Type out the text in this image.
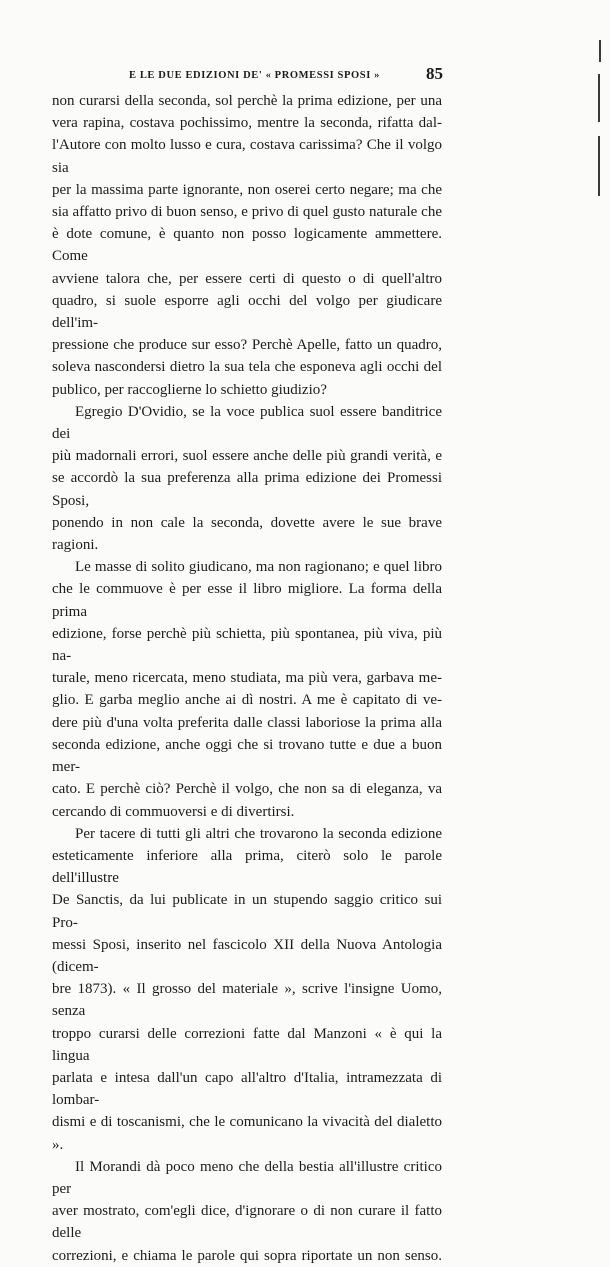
E LE DUE EDIZIONI DE' « PROMESSI SPOSI »	85

non curarsi della seconda, sol perchè la prima edizione, per una

vera rapina, costava pochissimo, mentre la seconda, rifatta dal-

l'Autore con molto lusso e cura, costava carissima? Che il volgo sia

per la massima parte ignorante, non oserei certo negare; ma che

sia affatto privo di buon senso, e privo di quel gusto naturale che

è dote comune, è quanto non posso logicamente ammettere. Come

avviene talora che, per essere certi di questo o di quell'altro

quadro, si suole esporre agli occhi del volgo per giudicare dell'im-

pressione che produce sur esso? Perchè Apelle, fatto un quadro,

soleva nascondersi dietro la sua tela che esponeva agli occhi del

publico, per raccoglierne lo schietto giudizio?

Egregio D'Ovidio, se la voce publica suol essere banditrice dei

più madornali errori, suol essere anche delle più grandi verità, e

se accordò la sua preferenza alla prima edizione dei Promessi Sposi,

ponendo in non cale la seconda, dovette avere le sue brave ragioni.

Le masse di solito giudicano, ma non ragionano; e quel libro

che le commuove è per esse il libro migliore. La forma della prima

edizione, forse perchè più schietta, più spontanea, più viva, più na-

turale, meno ricercata, meno studiata, ma più vera, garbava me-

glio. E garba meglio anche ai dì nostri. A me è capitato di ve-

dere più d'una volta preferita dalle classi laboriose la prima alla

seconda edizione, anche oggi che si trovano tutte e due a buon mer-

cato. E perchè ciò? Perchè il volgo, che non sa di eleganza, va

cercando di commuoversi e di divertirsi.

Per tacere di tutti gli altri che trovarono la seconda edizione

esteticamente inferiore alla prima, citerò solo le parole dell'illustre

De Sanctis, da lui publicate in un stupendo saggio critico sui Pro-

messi Sposi, inserito nel fascicolo XII della Nuova Antologia (dicem-

bre 1873). « Il grosso del materiale », scrive l'insigne Uomo, senza

troppo curarsi delle correzioni fatte dal Manzoni « è qui la lingua

parlata e intesa dall'un capo all'altro d'Italia, intramezzata di lombar-

dismi e di toscanismi, che le comunicano la vivacità del dialetto ».

Il Morandi dà poco meno che della bestia all'illustre critico per

aver mostrato, com'egli dice, d'ignorare o di non curare il fatto delle

correzioni, e chiama le parole qui sopra riportate un non senso.
